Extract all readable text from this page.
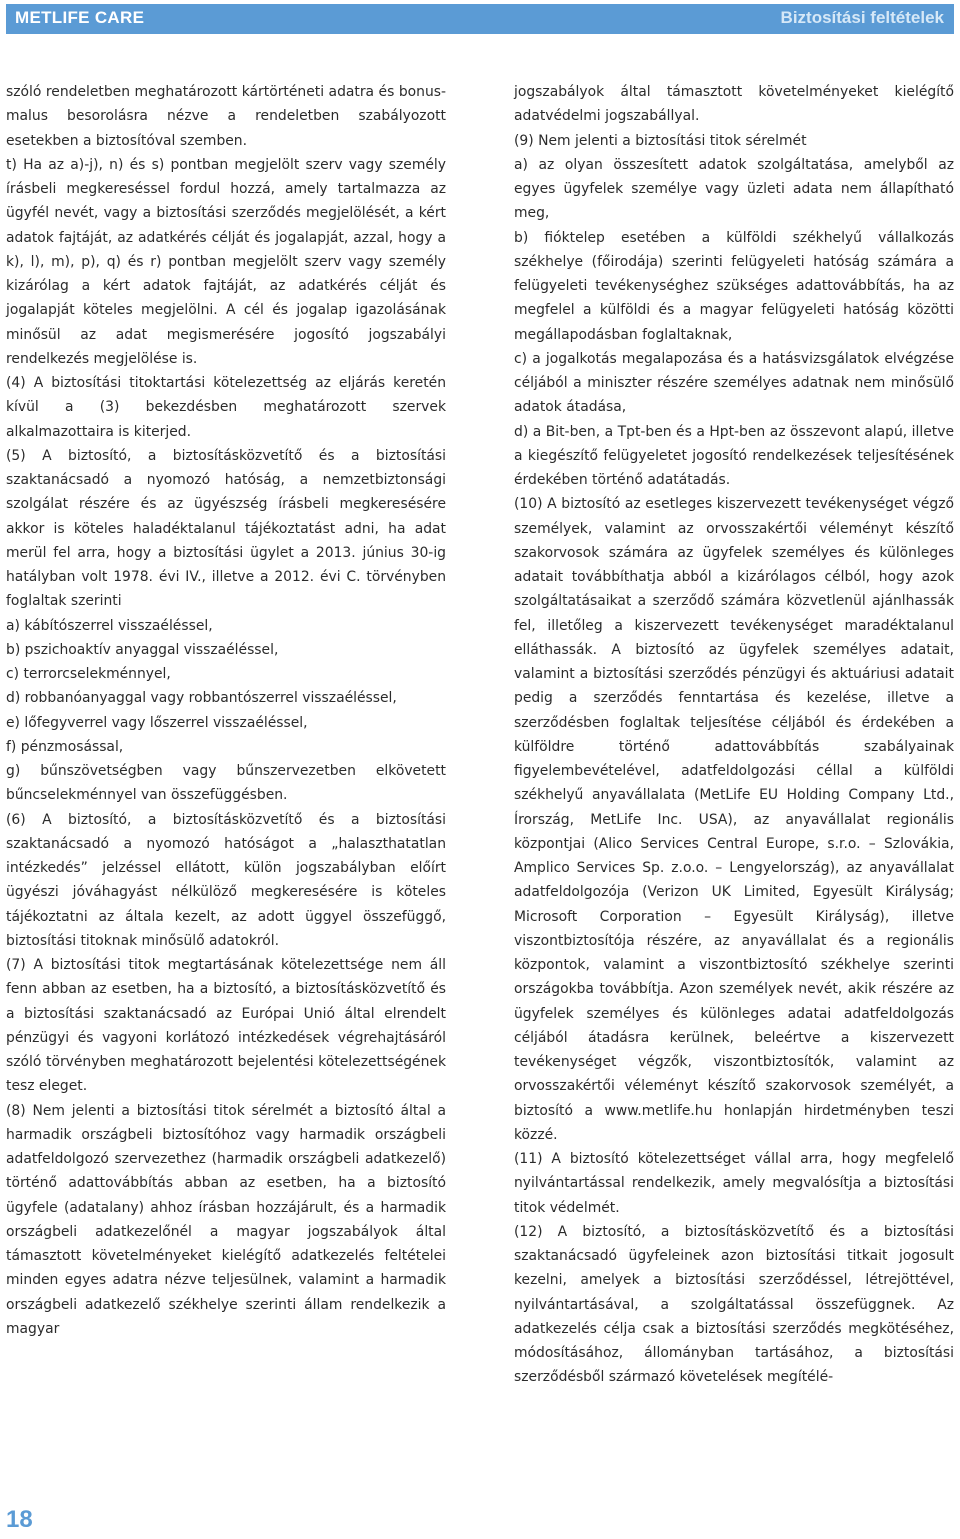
METLIFE CARE	Biztosítási feltételek

szóló rendeletben meghatározott kártörténeti adatra és bonus-malus besorolásra nézve a rendeletben szabályozott esetekben a biztosítóval szemben.

t) Ha az a)-j), n) és s) pontban megjelölt szerv vagy személy írásbeli megkereséssel fordul hozzá, amely tartalmazza az ügyfél nevét, vagy a biztosítási szerződés megjelölését, a kért adatok fajtáját, az adatkérés célját és jogalapját, azzal, hogy a k), l), m), p), q) és r) pontban megjelölt szerv vagy személy kizárólag a kért adatok fajtáját, az adatkérés célját és jogalapját köteles megjelölni. A cél és jogalap igazolásának minősül az adat megismerésére jogosító jogszabályi rendelkezés megjelölése is.

(4) A biztosítási titoktartási kötelezettség az eljárás keretén kívül a (3) bekezdésben meghatározott szervek alkalmazottaira is kiterjed.

(5) A biztosító, a biztosításközvetítő és a biztosítási szaktanácsadó a nyomozó hatóság, a nemzetbiztonsági szolgálat részére és az ügyészség írásbeli megkeresésére akkor is köteles haladéktalanul tájékoztatást adni, ha adat merül fel arra, hogy a biztosítási ügylet a 2013. június 30-ig hatályban volt 1978. évi IV., illetve a 2012. évi C. törvényben foglaltak szerinti

a) kábítószerrel visszaéléssel,

b) pszichoaktív anyaggal visszaéléssel,

c) terrorcselekménnyel,

d) robbanóanyaggal vagy robbantószerrel visszaéléssel,

e) lőfegyverrel vagy lőszerrel visszaéléssel,

f) pénzmosással,

g) bűnszövetségben vagy bűnszervezetben elkövetett bűncselekménnyel van összefüggésben.

(6) A biztosító, a biztosításközvetítő és a biztosítási szaktanácsadó a nyomozó hatóságot a „halaszthatatlan intézkedés” jelzéssel ellátott, külön jogszabályban előírt ügyészi jóváhagyást nélkülöző megkeresésére is köteles tájékoztatni az általa kezelt, az adott üggyel összefüggő, biztosítási titoknak minősülő adatokról.

(7) A biztosítási titok megtartásának kötelezettsége nem áll fenn abban az esetben, ha a biztosító, a biztosításközvetítő és a biztosítási szaktanácsadó az Európai Unió által elrendelt pénzügyi és vagyoni korlátozó intézkedések végrehajtásáról szóló törvényben meghatározott bejelentési kötelezettségének tesz eleget.

(8) Nem jelenti a biztosítási titok sérelmét a biztosító által a harmadik országbeli biztosítóhoz vagy harmadik országbeli adatfeldolgozó szervezethez (harmadik országbeli adatkezelő) történő adattovábbítás abban az esetben, ha a biztosító ügyfele (adatalany) ahhoz írásban hozzájárult, és a harmadik országbeli adatkezelőnél a magyar jogszabályok által támasztott követelményeket kielégítő adatkezelés feltételei minden egyes adatra nézve teljesülnek, valamint a harmadik országbeli adatkezelő székhelye szerinti állam rendelkezik a magyar

jogszabályok által támasztott követelményeket kielégítő adatvédelmi jogszabállyal.

(9) Nem jelenti a biztosítási titok sérelmét

a) az olyan összesített adatok szolgáltatása, amelyből az egyes ügyfelek személye vagy üzleti adata nem állapítható meg,

b) fióktelep esetében a külföldi székhelyű vállalkozás székhelye (főirodája) szerinti felügyeleti hatóság számára a felügyeleti tevékenységhez szükséges adattovábbítás, ha az megfelel a külföldi és a magyar felügyeleti hatóság közötti megállapodásban foglaltaknak,

c) a jogalkotás megalapozása és a hatásvizsgálatok elvégzése céljából a miniszter részére személyes adatnak nem minősülő adatok átadása,

d) a Bit-ben, a Tpt-ben és a Hpt-ben az összevont alapú, illetve a kiegészítő felügyeletet jogosító rendelkezések teljesítésének érdekében történő adatátadás.

(10) A biztosító az esetleges kiszervezett tevékenységet végző személyek, valamint az orvosszakértői véleményt készítő szakorvosok számára az ügyfelek személyes és különleges adatait továbbíthatja abból a kizárólagos célból, hogy azok szolgáltatásaikat a szerződő számára közvetlenül ajánlhassák fel, illetőleg a kiszervezett tevékenységet maradéktalanul elláthassák. A biztosító az ügyfelek személyes adatait, valamint a biztosítási szerződés pénzügyi és aktuáriusi adatait pedig a szerződés fenntartása és kezelése, illetve a szerződésben foglaltak teljesítése céljából és érdekében a külföldre történő adattovábbítás szabályainak figyelembevételével, adatfeldolgozási céllal a külföldi székhelyű anyavállalata (MetLife EU Holding Company Ltd., Írország, MetLife Inc. USA), az anyavállalat regionális központjai (Alico Services Central Europe, s.r.o. – Szlovákia, Amplico Services Sp. z.o.o. – Lengyelország), az anyavállalat adatfeldolgozója (Verizon UK Limited, Egyesült Királyság; Microsoft Corporation – Egyesült Királyság), illetve viszontbiztosítója részére, az anyavállalat és a regionális központok, valamint a viszontbiztosító székhelye szerinti országokba továbbítja. Azon személyek nevét, akik részére az ügyfelek személyes és különleges adatai adatfeldolgozás céljából átadásra kerülnek, beleértve a kiszervezett tevékenységet végzők, viszontbiztosítók, valamint az orvosszakértői véleményt készítő szakorvosok személyét, a biztosító a www.metlife.hu honlapján hirdetményben teszi közzé.

(11) A biztosító kötelezettséget vállal arra, hogy megfelelő nyilvántartással rendelkezik, amely megvalósítja a biztosítási titok védelmét.

(12) A biztosító, a biztosításközvetítő és a biztosítási szaktanácsadó ügyfeleinek azon biztosítási titkait jogosult kezelni, amelyek a biztosítási szerződéssel, létrejöttével, nyilvántartásával, a szolgáltatással összefüggnek. Az adatkezelés célja csak a biztosítási szerződés megkötéséhez, módosításához, állományban tartásához, a biztosítási szerződésből származó követelések megítélé-

18
